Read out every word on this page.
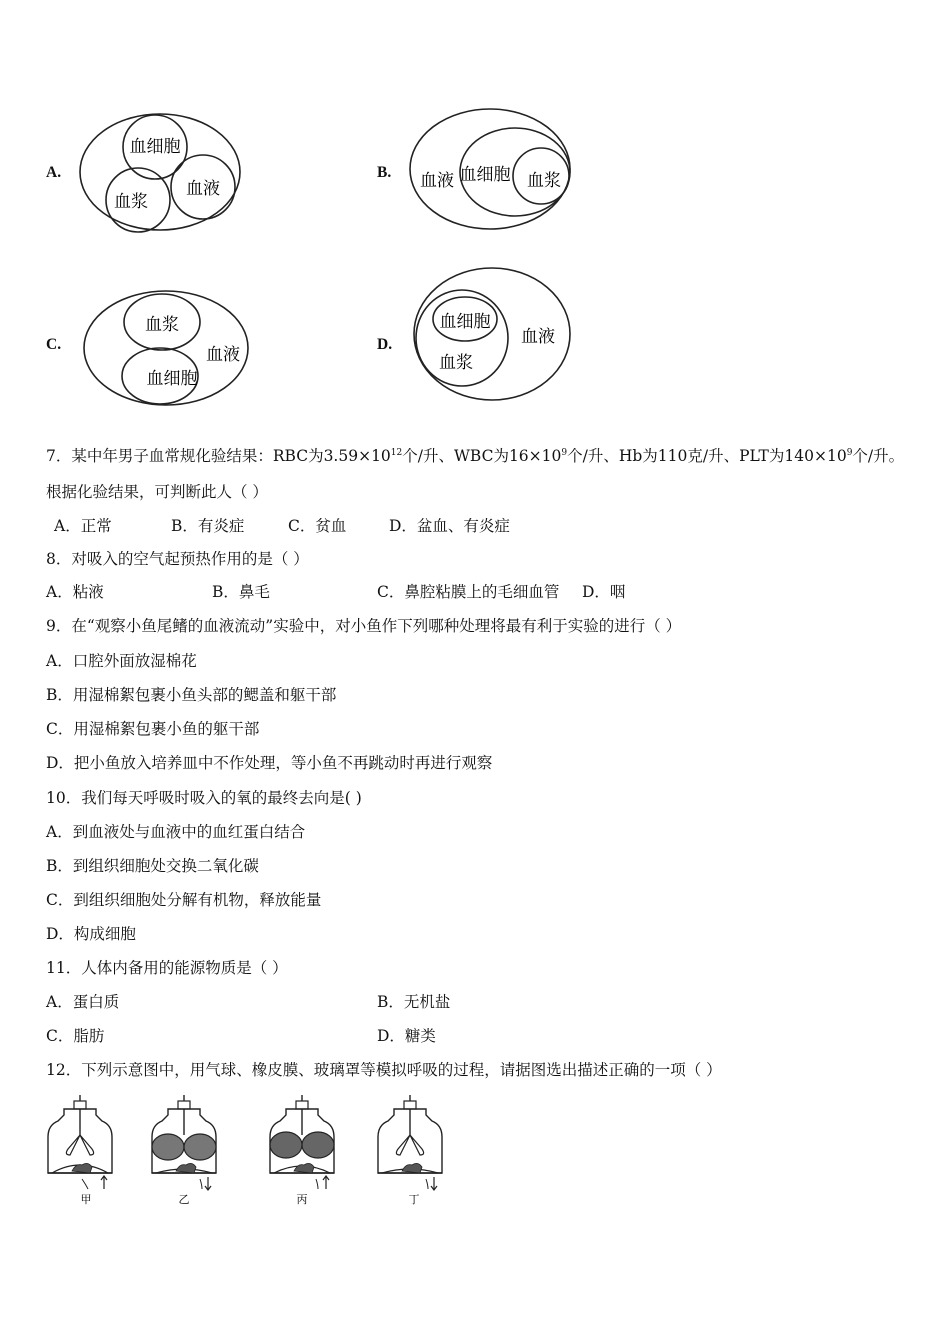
A.
血细胞
血浆
血液
B. 血液 血细胞 血浆
C.
血浆
血液
血细胞
D.
血细胞
血浆
血液
7．某中年男子血常规化验结果：RBC为$3.59\times 10^{12}$个/升、WBC为$16\times 10^9$个/升、Hb为110克/升、PLT为$140\times 10^9$个/升。
根据化验结果，可判断此人（ ）
A．正常	B．有炎症	C．贫血	D．盆血、有炎症
8．对吸入的空气起预热作用的是（ ）
A．粘液	B．鼻毛	C．鼻腔粘膜上的毛细血管 D．咽
9．在“观察小鱼尾鳍的血液流动”实验中，对小鱼作下列哪种处理将最有利于实验的进行（ ）
A．口腔外面放湿棉花
B．用湿棉絮包裹小鱼头部的鳃盖和躯干部
C．用湿棉絮包裹小鱼的躯干部
D．把小鱼放入培养皿中不作处理，等小鱼不再跳动时再进行观察
10．我们每天呼吸时吸入的氧的最终去向是( )
A．到血液处与血液中的血红蛋白结合
B．到组织细胞处交换二氧化碳
C．到组织细胞处分解有机物，释放能量
D．构成细胞
11．人体内备用的能源物质是（ ）
A．蛋白质	B．无机盐
C．脂肪	D．糖类
12．下列示意图中，用气球、橡皮膜、玻璃罩等模拟呼吸的过程，请据图选出描述正确的一项（ ）
甲	乙	丙	丁
